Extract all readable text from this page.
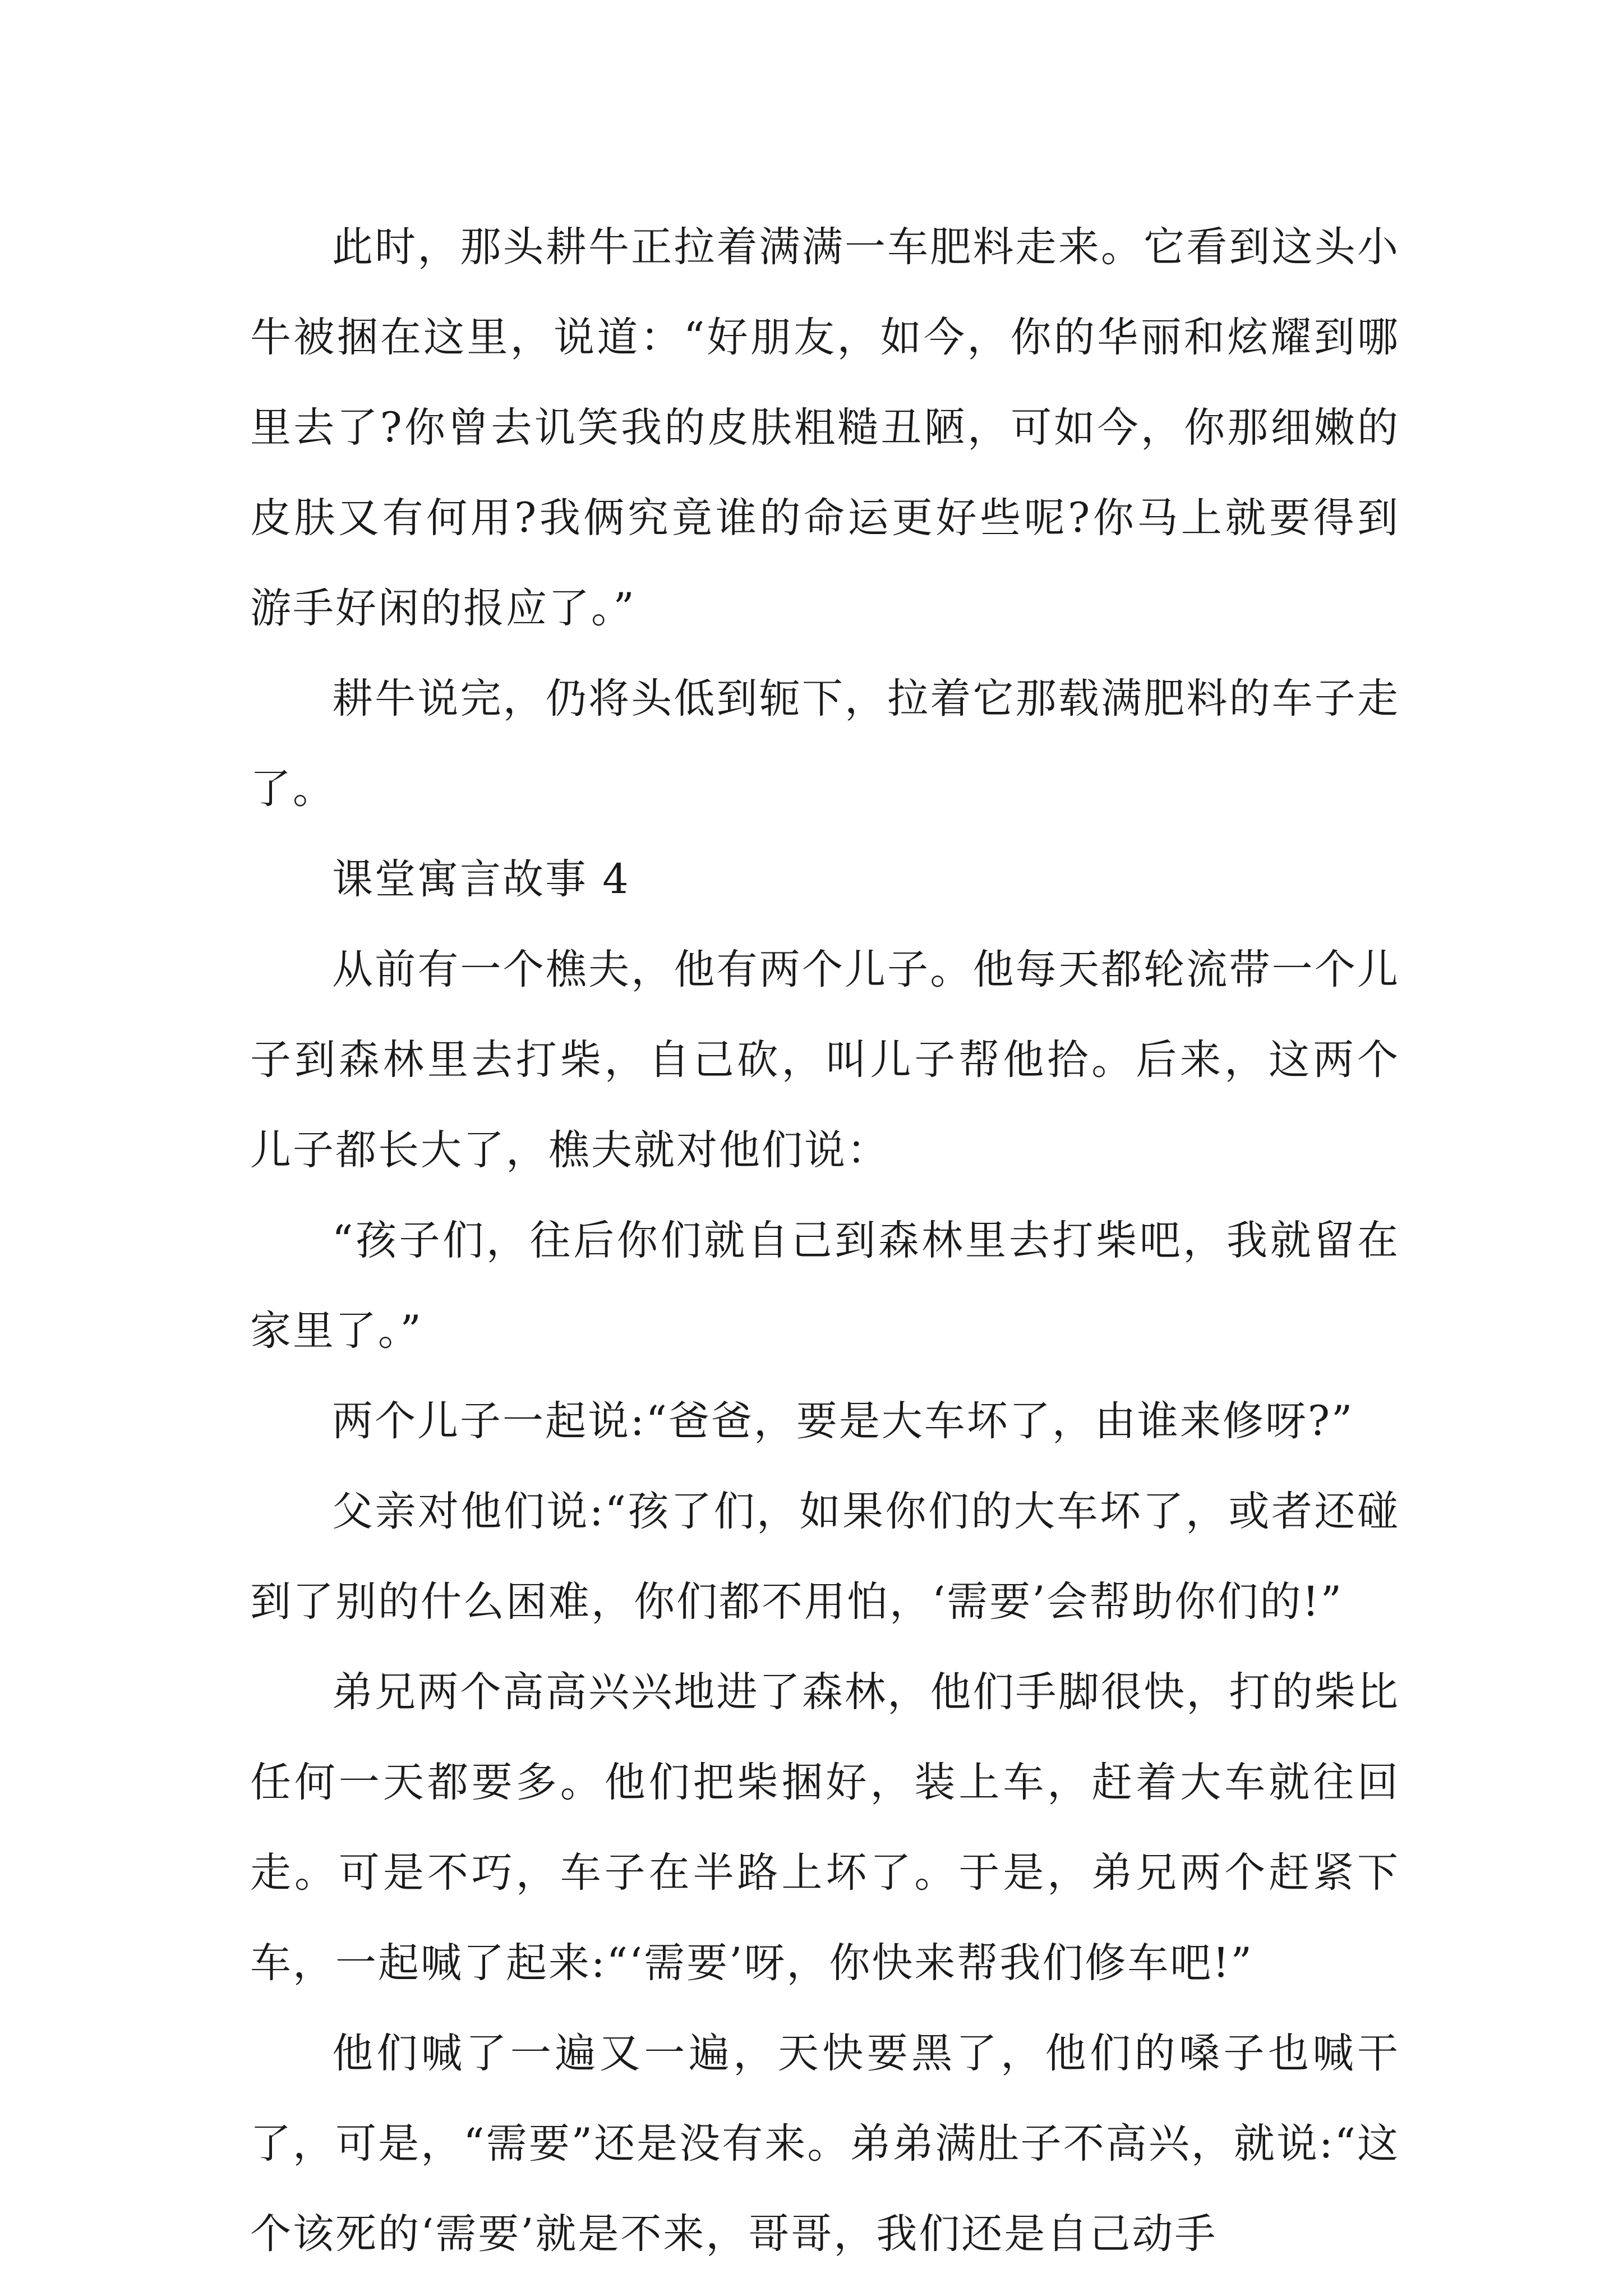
此时，那头耕牛正拉着满满一车肥料走来。它看到这头小牛被捆在这里，说道：“好朋友，如今，你的华丽和炫耀到哪里去了?你曾去讥笑我的皮肤粗糙丑陋，可如今，你那细嫩的皮肤又有何用?我俩究竟谁的命运更好些呢?你马上就要得到游手好闲的报应了。”

耕牛说完，仍将头低到轭下，拉着它那载满肥料的车子走了。

课堂寓言故事 4

从前有一个樵夫，他有两个儿子。他每天都轮流带一个儿子到森林里去打柴，自己砍，叫儿子帮他拾。后来，这两个儿子都长大了，樵夫就对他们说：

“孩子们，往后你们就自己到森林里去打柴吧，我就留在家里了。”

两个儿子一起说:“爸爸，要是大车坏了，由谁来修呀?”

父亲对他们说:“孩了们，如果你们的大车坏了，或者还碰到了别的什么困难，你们都不用怕，‘需要’会帮助你们的!”

弟兄两个高高兴兴地进了森林，他们手脚很快，打的柴比任何一天都要多。他们把柴捆好，装上车，赶着大车就往回走。可是不巧，车子在半路上坏了。于是，弟兄两个赶紧下车，一起喊了起来:“‘需要’呀，你快来帮我们修车吧!”

他们喊了一遍又一遍，天快要黑了，他们的嗓子也喊干了，可是，“需要”还是没有来。弟弟满肚子不高兴，就说:“这个该死的‘需要’就是不来，哥哥，我们还是自己动手
